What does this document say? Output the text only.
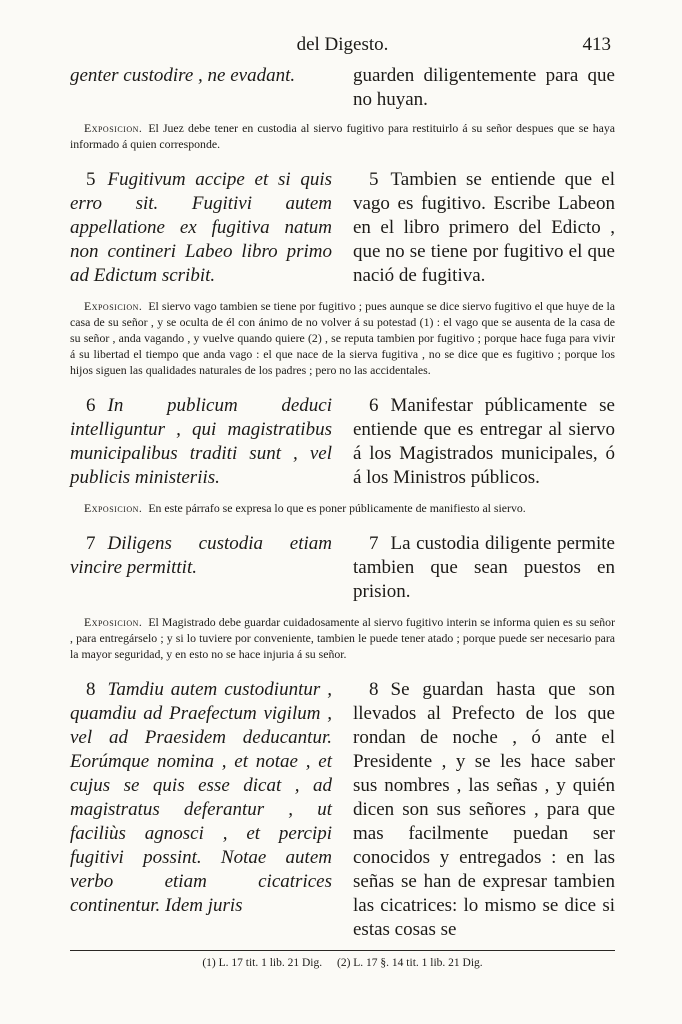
del Digesto.	413
genter custodire , ne evadant.	guarden diligentemente para que no huyan.
Exposicion. El Juez debe tener en custodia al siervo fugitivo para restituirlo á su señor despues que se haya informado á quien corresponde.
5 Fugitivum accipe et si quis erro sit. Fugitivi autem appellatione ex fugitiva natum non contineri Labeo libro primo ad Edictum scribit.
5 Tambien se entiende que el vago es fugitivo. Escribe Labeon en el libro primero del Edicto , que no se tiene por fugitivo el que nació de fugitiva.
Exposicion. El siervo vago tambien se tiene por fugitivo ; pues aunque se dice siervo fugitivo el que huye de la casa de su señor , y se oculta de él con ánimo de no volver á su potestad (1) : el vago que se ausenta de la casa de su señor , anda vagando , y vuelve quando quiere (2) , se reputa tambien por fugitivo ; porque hace fuga para vivir á su libertad el tiempo que anda vago : el que nace de la sierva fugitiva , no se dice que es fugitivo ; porque los hijos siguen las qualidades naturales de los padres ; pero no las accidentales.
6 In publicum deduci intelliguntur , qui magistratibus municipalibus traditi sunt , vel publicis ministeriis.
6 Manifestar públicamente se entiende que es entregar al siervo á los Magistrados municipales, ó á los Ministros públicos.
Exposicion. En este párrafo se expresa lo que es poner públicamente de manifiesto al siervo.
7 Diligens custodia etiam vincire permittit.
7 La custodia diligente permite tambien que sean puestos en prision.
Exposicion. El Magistrado debe guardar cuidadosamente al siervo fugitivo interin se informa quien es su señor , para entregárselo ; y si lo tuviere por conveniente, tambien le puede tener atado ; porque puede ser necesario para la mayor seguridad, y en esto no se hace injuria á su señor.
8 Tamdiu autem custodiuntur , quamdiu ad Praefectum vigilum , vel ad Praesidem deducantur. Eorúmque nomina , et notae , et cujus se quis esse dicat , ad magistratus deferantur , ut faciliùs agnosci , et percipi fugitivi possint. Notae autem verbo etiam cicatrices continentur. Idem juris
8 Se guardan hasta que son llevados al Prefecto de los que rondan de noche , ó ante el Presidente , y se les hace saber sus nombres , las señas , y quién dicen son sus señores , para que mas facilmente puedan ser conocidos y entregados : en las señas se han de expresar tambien las cicatrices: lo mismo se dice si estas cosas se
(1) L. 17 tit. 1 lib. 21 Dig. (2) L. 17 §. 14 tit. 1 lib. 21 Dig.
